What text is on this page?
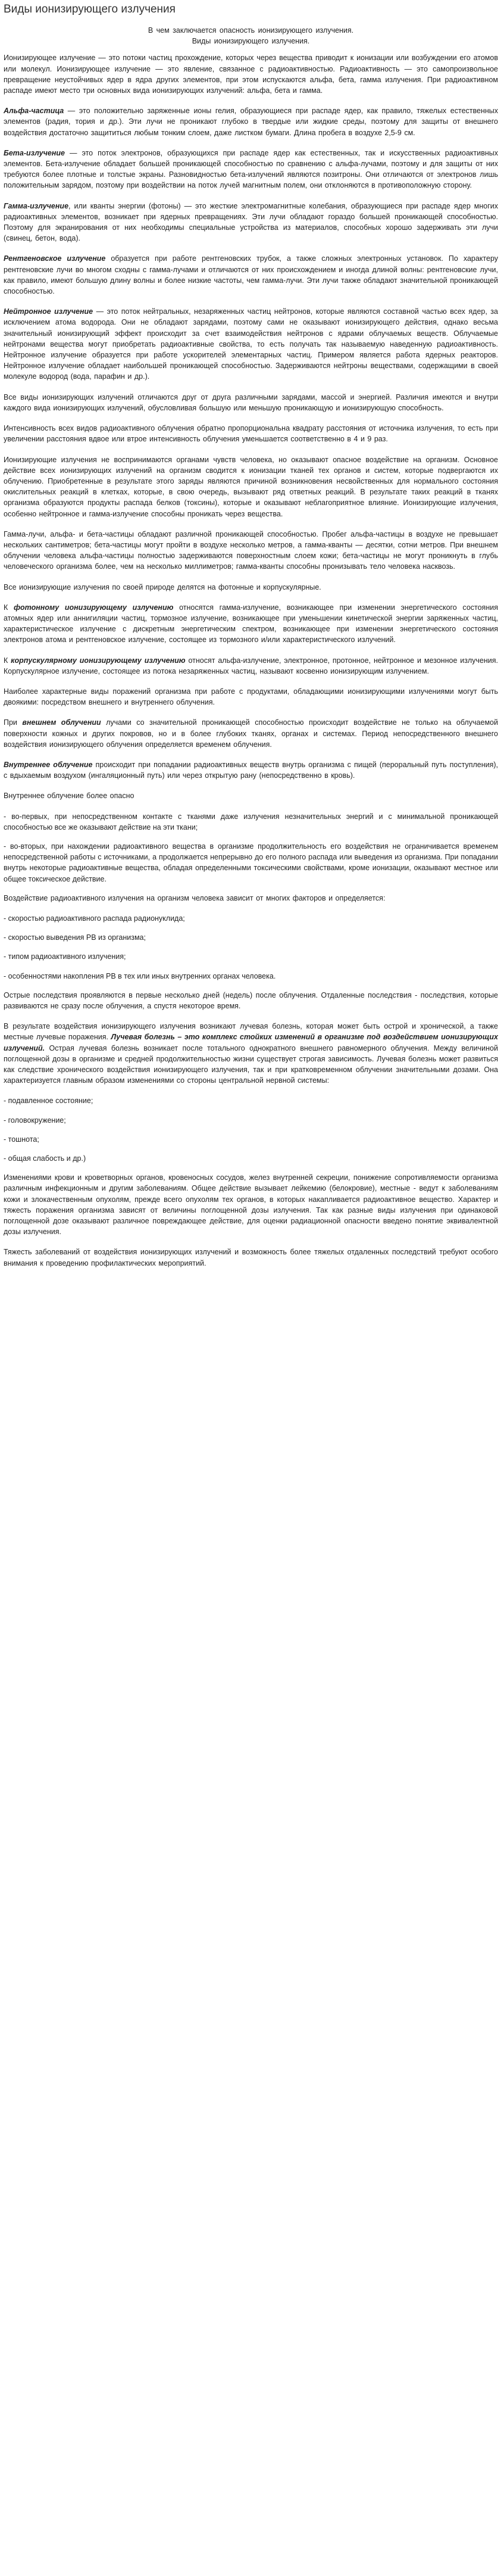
Виды ионизирующего излучения

В чем заключается опасность ионизирующего излучения.

Виды ионизирующего излучения.

Ионизирующее излучение — это потоки частиц прохождение, которых через вещества приводит к ионизации или возбуждении его атомов или молекул. Ионизирующее излучение — это явление, связанное с радиоактивностью. Радиоактивность — это самопроизвольное превращение неустойчивых ядер в ядра других элементов, при этом испускаются альфа, бета, гамма излучения. При радиоактивном распаде имеют место три основных вида ионизирующих излучений: альфа, бета и гамма.

Альфа-частица — это положительно заряженные ионы гелия, образующиеся при распаде ядер, как правило, тяжелых естественных элементов (радия, тория и др.). Эти лучи не проникают глубоко в твердые или жидкие среды, поэтому для защиты от внешнего воздействия достаточно защититься любым тонким слоем, даже листком бумаги. Длина пробега в воздухе 2,5-9 см.

Бета-излучение — это поток электронов, образующихся при распаде ядер как естественных, так и искусственных радиоактивных элементов. Бета-излучение обладает большей проникающей способностью по сравнению с альфа-лучами, поэтому и для защиты от них требуются более плотные и толстые экраны. Разновидностью бета-излучений являются позитроны. Они отличаются от электронов лишь положительным зарядом, поэтому при воздействии на поток лучей магнитным полем, они отклоняются в противоположную сторону.

Гамма-излучение, или кванты энергии (фотоны) — это жесткие электромагнитные колебания, образующиеся при распаде ядер многих радиоактивных элементов, возникает при ядерных превращениях. Эти лучи обладают гораздо большей проникающей способностью. Поэтому для экранирования от них необходимы специальные устройства из материалов, способных хорошо задерживать эти лучи (свинец, бетон, вода).

Рентгеновское излучение образуется при работе рентгеновских трубок, а также сложных электронных установок. По характеру рентгеновские лучи во многом сходны с гамма-лучами и отличаются от них происхождением и иногда длиной волны: рентгеновские лучи, как правило, имеют большую длину волны и более низкие частоты, чем гамма-лучи. Эти лучи также обладают значительной проникающей способностью.

Нейтронное излучение — это поток нейтральных, незаряженных частиц нейтронов, которые являются составной частью всех ядер, за исключением атома водорода. Они не обладают зарядами, поэтому сами не оказывают ионизирующего действия, однако весьма значительный ионизирующий эффект происходит за счет взаимодействия нейтронов с ядрами облучаемых веществ. Облучаемые нейтронами вещества могут приобретать радиоактивные свойства, то есть получать так называемую наведенную радиоактивность. Нейтронное излучение образуется при работе ускорителей элементарных частиц. Примером является работа ядерных реакторов. Нейтронное излучение обладает наибольшей проникающей способностью. Задерживаются нейтроны веществами, содержащими в своей молекуле водород (вода, парафин и др.).

Все виды ионизирующих излучений отличаются друг от друга различными зарядами, массой и энергией. Различия имеются и внутри каждого вида ионизирующих излучений, обусловливая большую или меньшую проникающую и ионизирующую способность.

Интенсивность всех видов радиоактивного облучения обратно пропорциональна квадрату расстояния от источника излучения, то есть при увеличении расстояния вдвое или втрое интенсивность облучения уменьшается соответственно в 4 и 9 раз.

Ионизирующие излучения не воспринимаются органами чувств человека, но оказывают опасное воздействие на организм. Основное действие всех ионизирующих излучений на организм сводится к ионизации тканей тех органов и систем, которые подвергаются их облучению. Приобретенные в результате этого заряды являются причиной возникновения несвойственных для нормального состояния окислительных реакций в клетках, которые, в свою очередь, вызывают ряд ответных реакций. В результате таких реакций в тканях организма образуются продукты распада белков (токсины), которые и оказывают неблагоприятное влияние. Ионизирующие излучения, особенно нейтронное и гамма-излучение способны проникать через вещества.

Гамма-лучи, альфа- и бета-частицы обладают различной проникающей способностью. Пробег альфа-частицы в воздухе не превышает нескольких сантиметров; бета-частицы могут пройти в воздухе несколько метров, а гамма-кванты — десятки, сотни метров. При внешнем облучении человека альфа-частицы полностью задерживаются поверхностным слоем кожи; бета-частицы не могут проникнуть в глубь человеческого организма более, чем на несколько миллиметров; гамма-кванты способны пронизывать тело человека насквозь.

Все ионизирующие излучения по своей природе делятся на фотонные и корпускулярные.

К фотонному ионизирующему излучению относятся гамма-излучение, возникающее при изменении энергетического состояния атомных ядер или аннигиляции частиц, тормозное излучение, возникающее при уменьшении кинетической энергии заряженных частиц, характеристическое излучение с дискретным энергетическим спектром, возникающее при изменении энергетического состояния электронов атома и рентгеновское излучение, состоящее из тормозного и/или характеристического излучений.

К корпускулярному ионизирующему излучению относят альфа-излучение, электронное, протонное, нейтронное и мезонное излучения. Корпускулярное излучение, состоящее из потока незаряженных частиц, называют косвенно ионизирующим излучением.

Наиболее характерные виды поражений организма при работе с продуктами, обладающими ионизирующими излучениями могут быть двоякими: посредством внешнего и внутреннего облучения.

При внешнем облучении лучами со значительной проникающей способностью происходит воздействие не только на облучаемой поверхности кожных и других покровов, но и в более глубоких тканях, органах и системах. Период непосредственного внешнего воздействия ионизирующего облучения определяется временем облучения.

Внутреннее облучение происходит при попадании радиоактивных веществ внутрь организма с пищей (пероральный путь поступления), с вдыхаемым воздухом (ингаляционный путь) или через открытую рану (непосредственно в кровь).

Внутреннее облучение более опасно

- во-первых, при непосредственном контакте с тканями даже излучения незначительных энергий и с минимальной проникающей способностью все же оказывают действие на эти ткани;

- во-вторых, при нахождении радиоактивного вещества в организме продолжительность его воздействия не ограничивается временем непосредственной работы с источниками, а продолжается непрерывно до его полного распада или выведения из организма. При попадании внутрь некоторые радиоактивные вещества, обладая определенными токсическими свойствами, кроме ионизации, оказывают местное или общее токсическое действие.

Воздействие радиоактивного излучения на организм человека зависит от многих факторов и определяется:

- скоростью радиоактивного распада радионуклида;

- скоростью выведения РВ из организма;

- типом радиоактивного излучения;

- особенностями накопления РВ в тех или иных внутренних органах человека.

Острые последствия проявляются в первые несколько дней (недель) после облучения. Отдаленные последствия - последствия, которые развиваются не сразу после облучения, а спустя некоторое время.

В результате воздействия ионизирующего излучения возникают лучевая болезнь, которая может быть острой и хронической, а также местные лучевые поражения. Лучевая болезнь – это комплекс стойких изменений в организме под воздействием ионизирующих излучений. Острая лучевая болезнь возникает после тотального однократного внешнего равномерного облучения. Между величиной поглощенной дозы в организме и средней продолжительностью жизни существует строгая зависимость. Лучевая болезнь может развиться как следствие хронического воздействия ионизирующего излучения, так и при кратковременном облучении значительными дозами. Она характеризуется главным образом изменениями со стороны центральной нервной системы:

- подавленное состояние;

- головокружение;

- тошнота;

- общая слабость и др.)

Изменениями крови и кроветворных органов, кровеносных сосудов, желез внутренней секреции, понижение сопротивляемости организма различным инфекционным и другим заболеваниям. Общее действие вызывает лейкемию (белокровие), местные - ведут к заболеваниям кожи и злокачественным опухолям, прежде всего опухолям тех органов, в которых накапливается радиоактивное вещество. Характер и тяжесть поражения организма зависят от величины поглощенной дозы излучения. Так как разные виды излучения при одинаковой поглощенной дозе оказывают различное повреждающее действие, для оценки радиационной опасности введено понятие эквивалентной дозы излучения.

Тяжесть заболеваний от воздействия ионизирующих излучений и возможность более тяжелых отдаленных последствий требуют особого внимания к проведению профилактических мероприятий.
